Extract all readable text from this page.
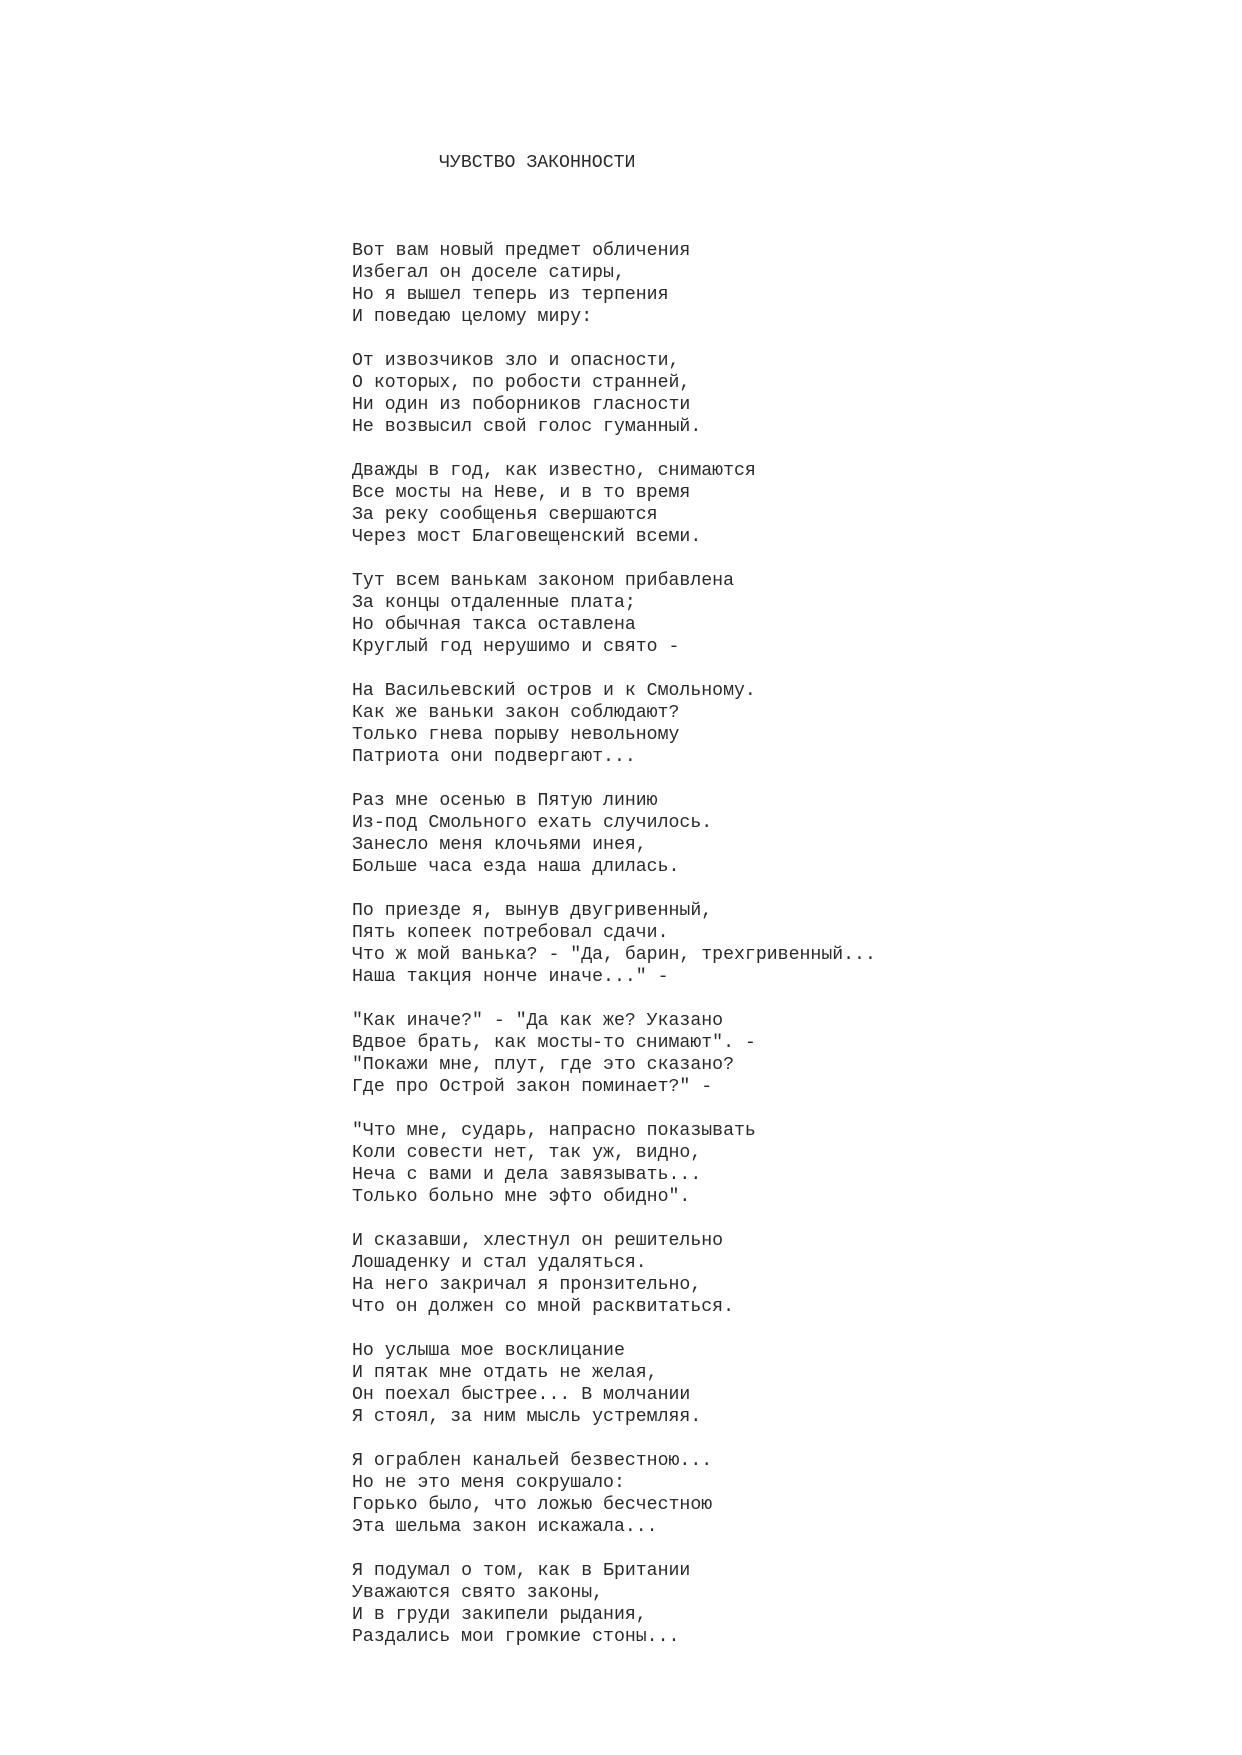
ЧУВСТВО ЗАКОННОСТИ

Вот вам новый предмет обличения
Избегал он доселе сатиры,
Но я вышел теперь из терпения
И поведаю целому миру:
От извозчиков зло и опасности,
О которых, по робости странней,
Ни один из поборников гласности
Не возвысил свой голос гуманный.
Дважды в год, как известно, снимаются
Все мосты на Неве, и в то время
За реку сообщенья свершаются
Через мост Благовещенский всеми.
Тут всем ванькам законом прибавлена
За концы отдаленные плата;
Но обычная такса оставлена
Круглый год нерушимо и свято -
На Васильевский остров и к Смольному.
Как же ваньки закон соблюдают?
Только гнева порыву невольному
Патриота они подвергают...
Раз мне осенью в Пятую линию
Из-под Смольного ехать случилось.
Занесло меня клочьями инея,
Больше часа езда наша длилась.
По приезде я, вынув двугривенный,
Пять копеек потребовал сдачи.
Что ж мой ванька? - "Да, барин, трехгривенный...
Наша такция нонче иначе..." -
"Как иначе?" - "Да как же? Указано
Вдвое брать, как мосты-то снимают". -
"Покажи мне, плут, где это сказано?
Где про Острой закон поминает?" -
"Что мне, сударь, напрасно показывать
Коли совести нет, так уж, видно,
Неча с вами и дела завязывать...
Только больно мне эфто обидно".
И сказавши, хлестнул он решительно
Лошаденку и стал удаляться.
На него закричал я пронзительно,
Что он должен со мной расквитаться.
Но услыша мое восклицание
И пятак мне отдать не желая,
Он поехал быстрее... В молчании
Я стоял, за ним мысль устремляя.
Я ограблен канальей безвестною...
Но не это меня сокрушало:
Горько было, что ложью бесчестною
Эта шельма закон искажала...
Я подумал о том, как в Британии
Уважаются свято законы,
И в груди закипели рыдания,
Раздались мои громкие стоны...
